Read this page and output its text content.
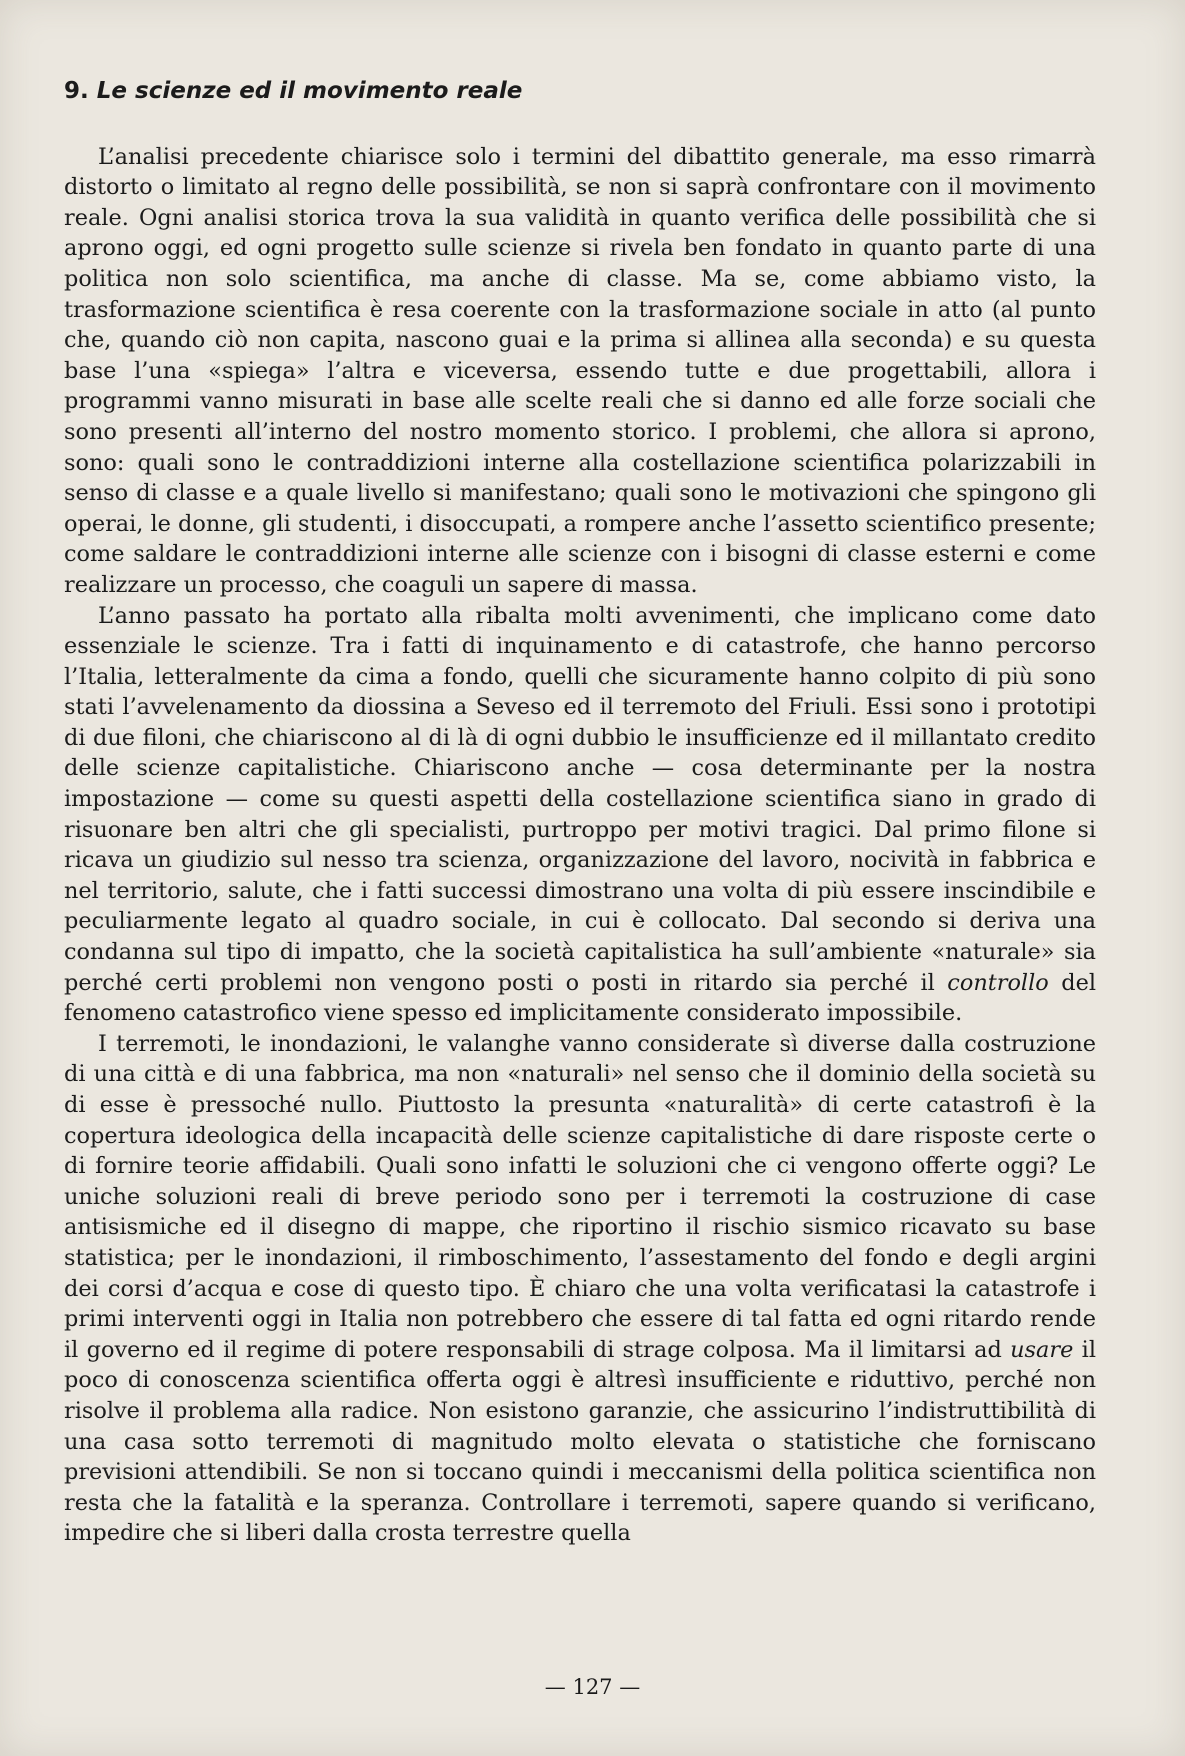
9. Le scienze ed il movimento reale

L’analisi precedente chiarisce solo i termini del dibattito generale, ma esso rimarrà distorto o limitato al regno delle possibilità, se non si saprà confrontare con il movimento reale. Ogni analisi storica trova la sua validità in quanto verifica delle possibilità che si aprono oggi, ed ogni progetto sulle scienze si rivela ben fondato in quanto parte di una politica non solo scientifica, ma anche di classe. Ma se, come abbiamo visto, la trasformazione scientifica è resa coerente con la trasformazione sociale in atto (al punto che, quando ciò non capita, nascono guai e la prima si allinea alla seconda) e su questa base l’una «spiega» l’altra e viceversa, essendo tutte e due progettabili, allora i programmi vanno misurati in base alle scelte reali che si danno ed alle forze sociali che sono presenti all’interno del nostro momento storico. I problemi, che allora si aprono, sono: quali sono le contraddizioni interne alla costellazione scientifica polarizzabili in senso di classe e a quale livello si manifestano; quali sono le motivazioni che spingono gli operai, le donne, gli studenti, i disoccupati, a rompere anche l’assetto scientifico presente; come saldare le contraddizioni interne alle scienze con i bisogni di classe esterni e come realizzare un processo, che coaguli un sapere di massa.

L’anno passato ha portato alla ribalta molti avvenimenti, che implicano come dato essenziale le scienze. Tra i fatti di inquinamento e di catastrofe, che hanno percorso l’Italia, letteralmente da cima a fondo, quelli che sicuramente hanno colpito di più sono stati l’avvelenamento da diossina a Seveso ed il terremoto del Friuli. Essi sono i prototipi di due filoni, che chiariscono al di là di ogni dubbio le insufficienze ed il millantato credito delle scienze capitalistiche. Chiariscono anche — cosa determinante per la nostra impostazione — come su questi aspetti della costellazione scientifica siano in grado di risuonare ben altri che gli specialisti, purtroppo per motivi tragici. Dal primo filone si ricava un giudizio sul nesso tra scienza, organizzazione del lavoro, nocività in fabbrica e nel territorio, salute, che i fatti successi dimostrano una volta di più essere inscindibile e peculiarmente legato al quadro sociale, in cui è collocato. Dal secondo si deriva una condanna sul tipo di impatto, che la società capitalistica ha sull’ambiente «naturale» sia perché certi problemi non vengono posti o posti in ritardo sia perché il controllo del fenomeno catastrofico viene spesso ed implicitamente considerato impossibile.

I terremoti, le inondazioni, le valanghe vanno considerate sì diverse dalla costruzione di una città e di una fabbrica, ma non «naturali» nel senso che il dominio della società su di esse è pressoché nullo. Piuttosto la presunta «naturalità» di certe catastrofi è la copertura ideologica della incapacità delle scienze capitalistiche di dare risposte certe o di fornire teorie affidabili. Quali sono infatti le soluzioni che ci vengono offerte oggi? Le uniche soluzioni reali di breve periodo sono per i terremoti la costruzione di case antisismiche ed il disegno di mappe, che riportino il rischio sismico ricavato su base statistica; per le inondazioni, il rimboschimento, l’assestamento del fondo e degli argini dei corsi d’acqua e cose di questo tipo. È chiaro che una volta verificatasi la catastrofe i primi interventi oggi in Italia non potrebbero che essere di tal fatta ed ogni ritardo rende il governo ed il regime di potere responsabili di strage colposa. Ma il limitarsi ad usare il poco di conoscenza scientifica offerta oggi è altresì insufficiente e riduttivo, perché non risolve il problema alla radice. Non esistono garanzie, che assicurino l’indistruttibilità di una casa sotto terremoti di magnitudo molto elevata o statistiche che forniscano previsioni attendibili. Se non si toccano quindi i meccanismi della politica scientifica non resta che la fatalità e la speranza. Controllare i terremoti, sapere quando si verificano, impedire che si liberi dalla crosta terrestre quella

— 127 —
